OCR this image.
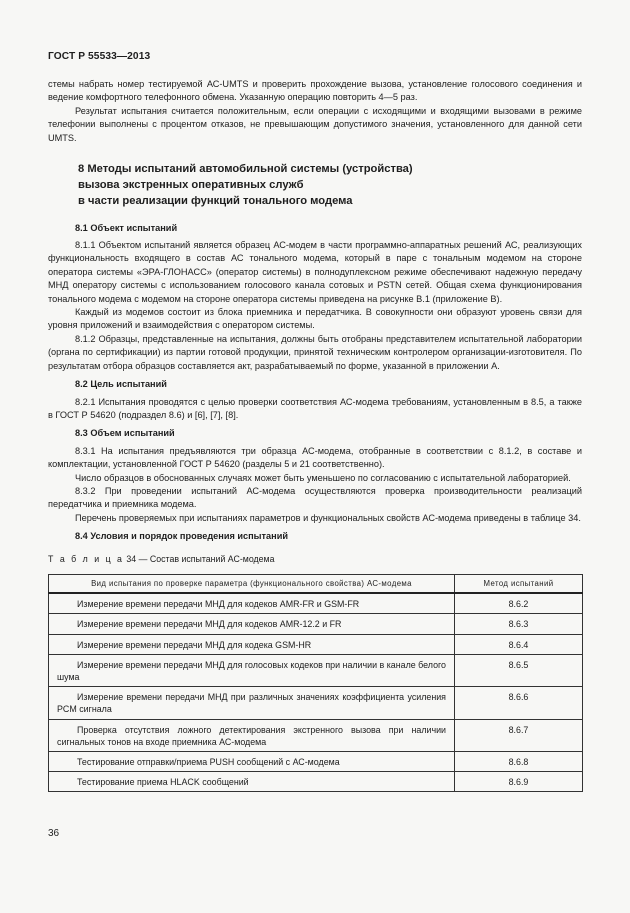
ГОСТ Р 55533—2013

стемы набрать номер тестируемой АС-UMTS и проверить прохождение вызова, установление голосового соединения и ведение комфортного телефонного обмена. Указанную операцию повторить 4—5 раз.

Результат испытания считается положительным, если операции с исходящими и входящими вызовами в режиме телефонии выполнены с процентом отказов, не превышающим допустимого значения, установленного для данной сети UMTS.

8 Методы испытаний автомобильной системы (устройства)
вызова экстренных оперативных служб
в части реализации функций тонального модема

8.1 Объект испытаний

8.1.1 Объектом испытаний является образец АС-модем в части программно-аппаратных решений АС, реализующих функциональность входящего в состав АС тонального модема, который в паре с тональным модемом на стороне оператора системы «ЭРА-ГЛОНАСС» (оператор системы) в полнодуплексном режиме обеспечивают надежную передачу МНД оператору системы с использованием голосового канала сотовых и PSTN сетей. Общая схема функционирования тонального модема с модемом на стороне оператора системы приведена на рисунке В.1 (приложение В).

Каждый из модемов состоит из блока приемника и передатчика. В совокупности они образуют уровень связи для уровня приложений и взаимодействия с оператором системы.

8.1.2 Образцы, представленные на испытания, должны быть отобраны представителем испытательной лаборатории (органа по сертификации) из партии готовой продукции, принятой техническим контролером организации-изготовителя. По результатам отбора образцов составляется акт, разрабатываемый по форме, указанной в приложении А.

8.2 Цель испытаний

8.2.1 Испытания проводятся с целью проверки соответствия АС-модема требованиям, установленным в 8.5, а также в ГОСТ Р 54620 (подраздел 8.6) и [6], [7], [8].

8.3 Объем испытаний

8.3.1 На испытания предъявляются три образца АС-модема, отобранные в соответствии с 8.1.2, в составе и комплектации, установленной ГОСТ Р 54620 (разделы 5 и 21 соответственно).

Число образцов в обоснованных случаях может быть уменьшено по согласованию с испытательной лабораторией.

8.3.2 При проведении испытаний АС-модема осуществляются проверка производительности реализаций передатчика и приемника модема.

Перечень проверяемых при испытаниях параметров и функциональных свойств АС-модема приведены в таблице 34.

8.4 Условия и порядок проведения испытаний

Т а б л и ц а 34 — Состав испытаний АС-модема

Вид испытания по проверке параметра (функционального свойства) АС-модема	Метод испытаний
Измерение времени передачи МНД для кодеков AMR-FR и GSM-FR	8.6.2
Измерение времени передачи МНД для кодеков AMR-12.2 и FR	8.6.3
Измерение времени передачи МНД для кодека GSM-HR	8.6.4
Измерение времени передачи МНД для голосовых кодеков при наличии в канале белого шума	8.6.5
Измерение времени передачи МНД при различных значениях коэффициента усиления PCM сигнала	8.6.6
Проверка отсутствия ложного детектирования экстренного вызова при наличии сигнальных тонов на входе приемника АС-модема	8.6.7
Тестирование отправки/приема PUSH сообщений с АС-модема	8.6.8
Тестирование приема HLACK сообщений	8.6.9
36
